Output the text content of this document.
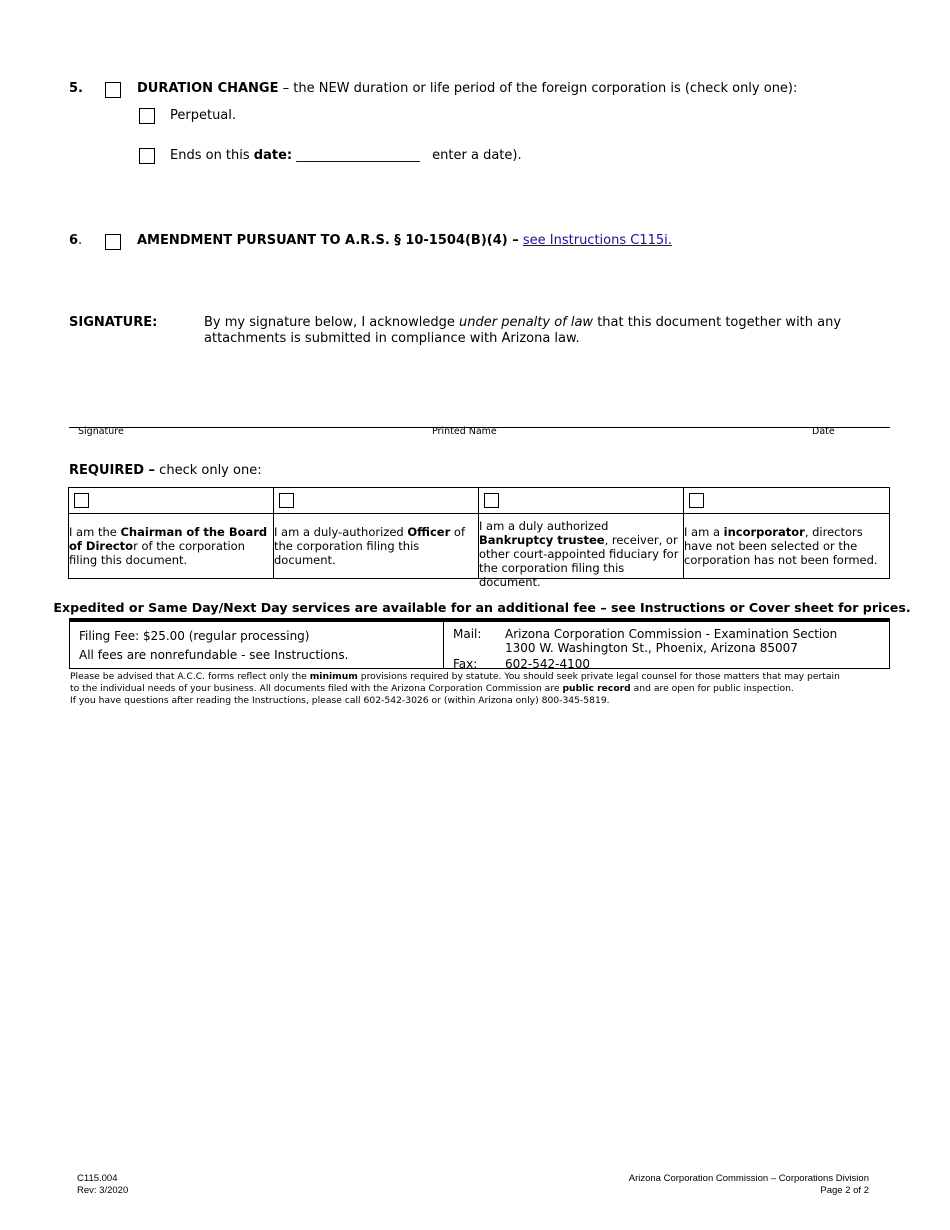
5.	DURATION CHANGE – the NEW duration or life period of the foreign corporation is (check only one):
Perpetual.
Ends on this date: ___________________ enter a date).
6.	AMENDMENT PURSUANT TO A.R.S. § 10-1504(B)(4) – see Instructions C115i.
SIGNATURE:	By my signature below, I acknowledge under penalty of law that this document together with any
attachments is submitted in compliance with Arizona law.
Signature	Printed Name	Date
REQUIRED – check only one:
I am the Chairman of the Board of Director of the corporation filing this document.
I am a duly-authorized Officer of the corporation filing this document.
I am a duly authorized Bankruptcy trustee, receiver, or other court-appointed fiduciary for the corporation filing this document.
I am a incorporator, directors have not been selected or the corporation has not been formed.
Expedited or Same Day/Next Day services are available for an additional fee – see Instructions or Cover sheet for prices.
Filing Fee: $25.00 (regular processing)
All fees are nonrefundable - see Instructions.
Mail: Arizona Corporation Commission - Examination Section
1300 W. Washington St., Phoenix, Arizona 85007
Fax: 602-542-4100
Please be advised that A.C.C. forms reflect only the minimum provisions required by statute. You should seek private legal counsel for those matters that may pertain
to the individual needs of your business. All documents filed with the Arizona Corporation Commission are public record and are open for public inspection.
If you have questions after reading the Instructions, please call 602-542-3026 or (within Arizona only) 800-345-5819.
C115.004
Rev: 3/2020
Arizona Corporation Commission – Corporations Division
Page 2 of 2
